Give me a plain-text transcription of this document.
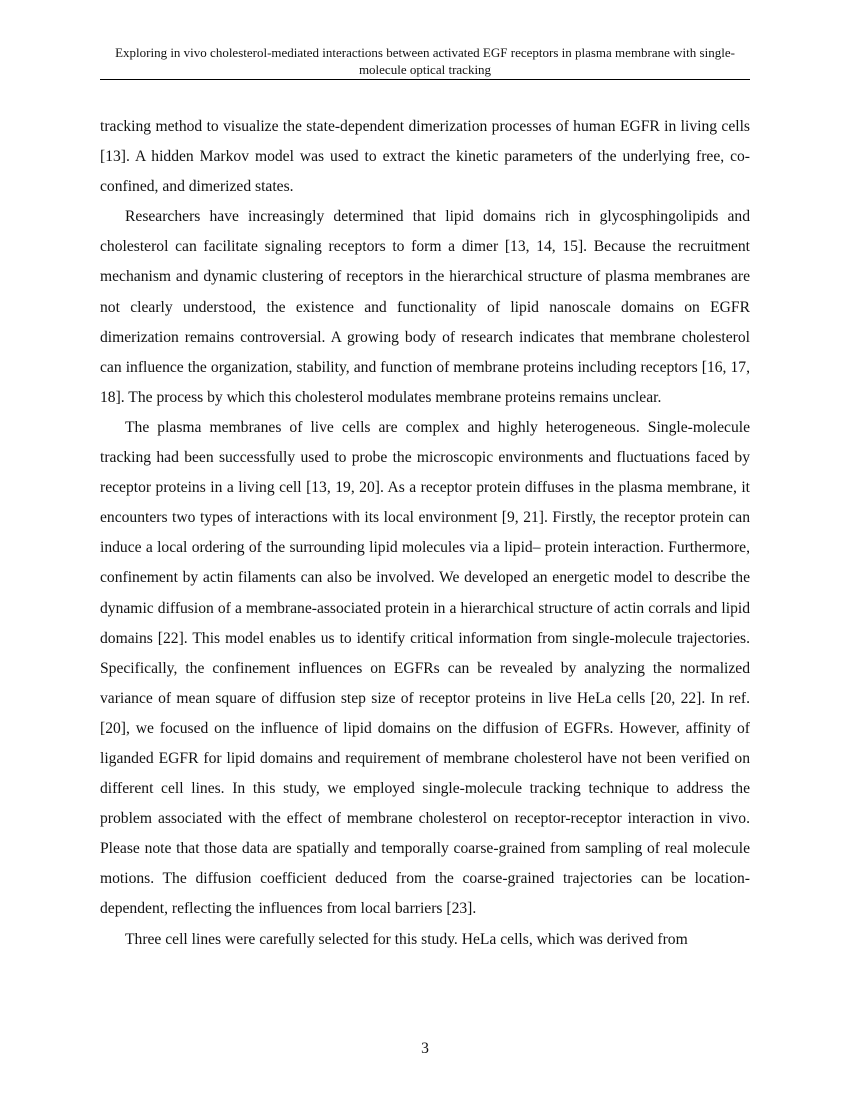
Exploring in vivo cholesterol-mediated interactions between activated EGF receptors in plasma membrane with single-molecule optical tracking

tracking method to visualize the state-dependent dimerization processes of human EGFR in living cells [13]. A hidden Markov model was used to extract the kinetic parameters of the underlying free, co-confined, and dimerized states.

Researchers have increasingly determined that lipid domains rich in glycosphingolipids and cholesterol can facilitate signaling receptors to form a dimer [13, 14, 15]. Because the recruitment mechanism and dynamic clustering of receptors in the hierarchical structure of plasma membranes are not clearly understood, the existence and functionality of lipid nanoscale domains on EGFR dimerization remains controversial. A growing body of research indicates that membrane cholesterol can influence the organization, stability, and function of membrane proteins including receptors [16, 17, 18]. The process by which this cholesterol modulates membrane proteins remains unclear.

The plasma membranes of live cells are complex and highly heterogeneous. Single-molecule tracking had been successfully used to probe the microscopic environments and fluctuations faced by receptor proteins in a living cell [13, 19, 20]. As a receptor protein diffuses in the plasma membrane, it encounters two types of interactions with its local environment [9, 21]. Firstly, the receptor protein can induce a local ordering of the surrounding lipid molecules via a lipid– protein interaction. Furthermore, confinement by actin filaments can also be involved. We developed an energetic model to describe the dynamic diffusion of a membrane-associated protein in a hierarchical structure of actin corrals and lipid domains [22]. This model enables us to identify critical information from single-molecule trajectories. Specifically, the confinement influences on EGFRs can be revealed by analyzing the normalized variance of mean square of diffusion step size of receptor proteins in live HeLa cells [20, 22]. In ref. [20], we focused on the influence of lipid domains on the diffusion of EGFRs. However, affinity of liganded EGFR for lipid domains and requirement of membrane cholesterol have not been verified on different cell lines. In this study, we employed single-molecule tracking technique to address the problem associated with the effect of membrane cholesterol on receptor-receptor interaction in vivo. Please note that those data are spatially and temporally coarse-grained from sampling of real molecule motions. The diffusion coefficient deduced from the coarse-grained trajectories can be location-dependent, reflecting the influences from local barriers [23].

Three cell lines were carefully selected for this study. HeLa cells, which was derived from

3
